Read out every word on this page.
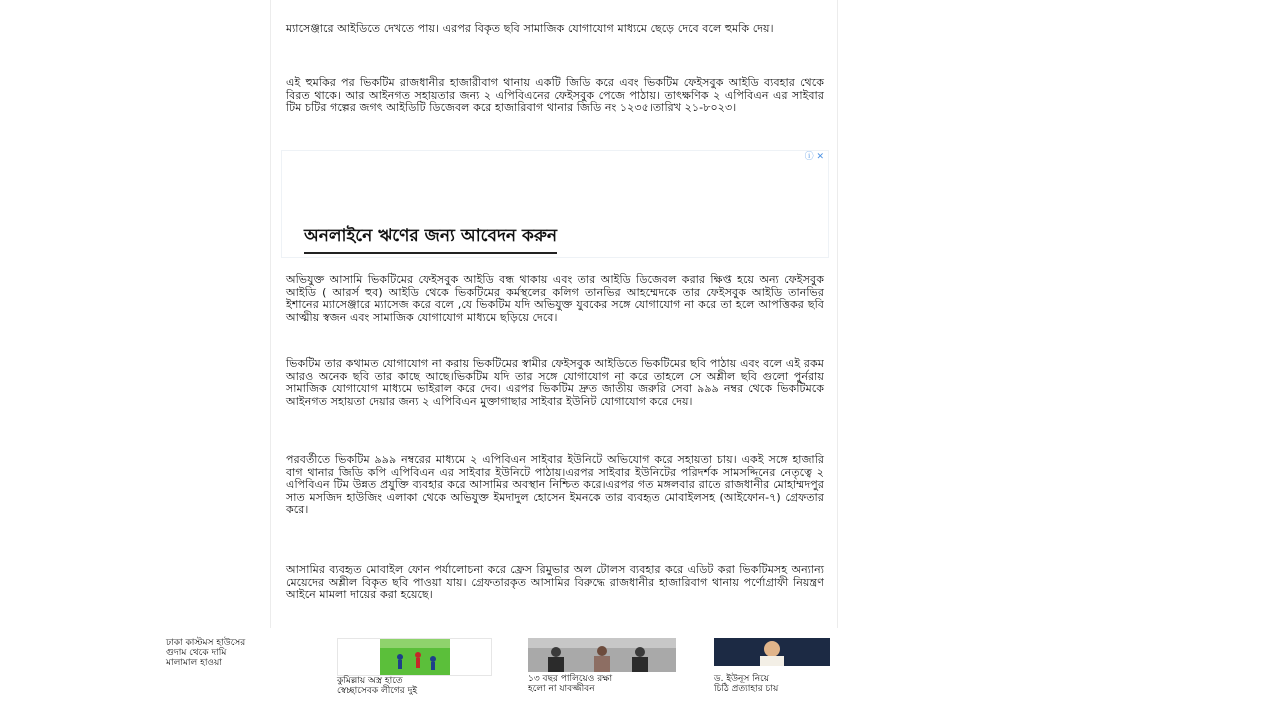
ম্যাসেঞ্জারে আইডিতে দেখতে পায়। এরপর বিকৃত ছবি সামাজিক যোগাযোগ মাধ্যমে ছেড়ে দেবে বলে হুমকি দেয়।

এই হুমকির পর ভিকটিম রাজধানীর হাজারীবাগ থানায় একটি জিডি করে এবং ভিকটিম ফেইসবুক আইডি ব্যবহার থেকে বিরত থাকে। আর আইনগত সহায়তার জন্য ২ এপিবিএনের ফেইসবুক পেজে পাঠায়। তাৎক্ষণিক ২ এপিবিএন এর সাইবার টিম চটির গল্পের জগৎ আইডিটি ডিজেবল করে হাজারিবাগ থানার জিডি নং ১২৩৫।তারিখ ২১-৮০২৩।

ⓘ ✕
অনলাইনে ঋণের জন্য আবেদন করুন

অভিযুক্ত আসামি ভিকটিমের ফেইসবুক আইডি বন্ধ থাকায় এবং তার আইডি ডিজেবল করার ক্ষিপ্ত হয়ে অন্য ফেইসবুক আইডি ( আরর্স হুব) আইডি থেকে ভিকটিমের কর্মস্থলের কলিগ তানভির আহম্মেদকে তার ফেইসবুক আইডি তানভির ইশানের ম্যাসেঞ্জারে ম্যাসেজ করে বলে ,যে ভিকটিম যদি অভিযুক্ত যুবকের সঙ্গে যোগাযোগ না করে তা হলে আপত্তিকর ছবি আত্মীয় স্বজন এবং সামাজিক যোগাযোগ মাধ্যমে ছড়িয়ে দেবে।

ভিকটিম তার কথামত যোগাযোগ না করায় ভিকটিমের স্বামীর ফেইসবুক আইডিতে ভিকটিমের ছবি পাঠায় এবং বলে এই রকম আরও অনেক ছবি তার কাছে আছে।ভিকটিম যদি তার সঙ্গে যোগাযোগ না করে তাহলে সে অশ্লীল ছবি গুলো পুর্নরায় সামাজিক যোগাযোগ মাধ্যমে ভাইরাল করে দেব। এরপর ভিকটিম দ্রুত জাতীয় জরুরি সেবা ৯৯৯ নম্বর থেকে ভিকটিমকে আইনগত সহায়তা দেয়ার জন্য ২ এপিবিএন মুক্তাগাছার সাইবার ইউনিট যোগাযোগ করে দেয়।

পরবর্তীতে ভিকটিম ৯৯৯ নম্বরের মাধ্যমে ২ এপিবিএন সাইবার ইউনিটে অভিযোগ করে সহায়তা চায়। একই সঙ্গে হাজারি বাগ থানার জিডি কপি এপিবিএন এর সাইবার ইউনিটে পাঠায়।এরপর সাইবার ইউনিটের পরিদর্শক সামসদ্দিনের নেতৃত্বে ২ এপিবিএন টিম উন্নত প্রযুক্তি ব্যবহার করে আসামির অবস্থান নিশ্চিত করে।এরপর গত মঙ্গলবার রাতে রাজধানীর মোহাম্মদপুর সাত মসজিদ হাউজিং এলাকা থেকে অভিযুক্ত ইমদাদুল হোসেন ইমনকে তার ব্যবহৃত মোবাইলসহ (আইফোন-৭) গ্রেফতার করে।

আসামির ব্যবহৃত মোবাইল ফোন পর্যালোচনা করে ফ্রেস রিমুভার অল টোলস ব্যবহার করে এডিট করা ভিকটিমসহ অন্যান্য মেয়েদের অশ্লীল বিকৃত ছবি পাওয়া যায়। গ্রেফতারকৃত আসামির বিরুদ্ধে রাজধানীর হাজারিবাগ থানায় পর্ণোগ্রাফী নিয়ন্ত্রণ আইনে মামলা দায়ের করা হয়েছে।

ঢাকা কাস্টমস হাউসের
গুদাম থেকে দামি
মালামাল হাওয়া
কুমিল্লায় অস্ত্র হাতে
স্বেচ্ছাসেবক লীগের দুই
১৩ বছর পালিয়েও রক্ষা
হলো না যাবজ্জীবন
ড. ইউনূস নিয়ে
চিঠি প্রত্যাহার চায়
